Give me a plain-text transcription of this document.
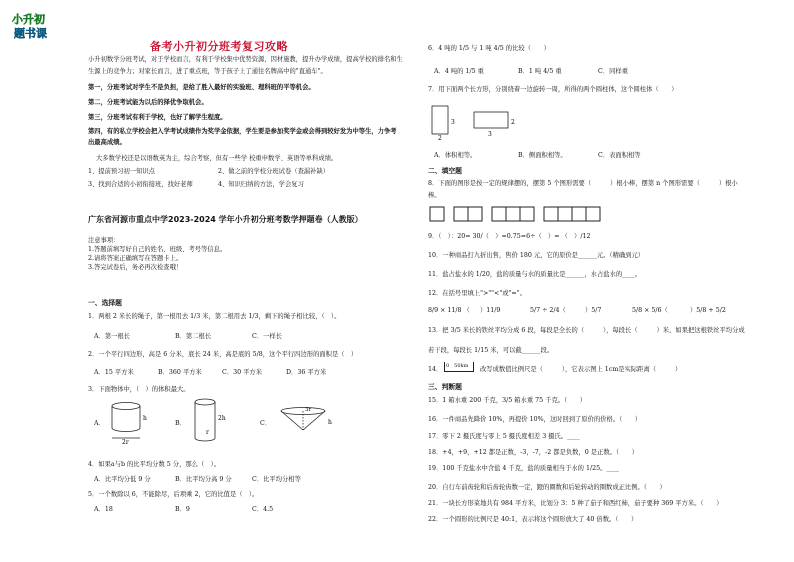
小升初
题书课
备考小升初分班考复习攻略
小升初数学分班考试，对于学校而言，有利于学校集中优势资源，因材施教，提升办学成绩，提高学校的排名和生
生源上的竞争力；对家长而言，进了重点班，等于孩子上了通往名牌高中的"直通车"。
第一，分班考试对学生不是负担，是给了胜入最好的实验班、理科班的平等机会。
第二，分班考试能为以后的择优争取机会。
第三，分班考试有利于学校，也好了解学生程度。
第四，有的私立学校会把入学考试成绩作为奖学金依据，学生要是参加奖学金或会得到较好发为中等生，力争考
出最高成绩。
大多数学校还是以语数英为主，综合考察，但有一些学 校重申数学、英语等单科成绩。
1、提前预习初一知识点	2、做之前的学校分班试卷（查漏补缺）
3、找到合适的小初衔接班，找好老师	4、知识归纳的方法，学会复习
广东省河源市重点中学2023-2024 学年小升初分班考数学押题卷（人教版）
注意事项：
1.答题前填写好自己的姓名、班级、考号等信息。
2.请将答案正确填写在答题卡上。
3.答完试卷后，务必再次检查哦！
一、选择题
1．两根 2 米长的绳子，第一根用去 1/3 米，第二根用去 1/3，剩下的绳子相比较，（　）。
A．第一根长	B．第二根长	C．一样长
2．一个平行四边形，高是 6 分米，底长 24 米，高是底的 5/8，这个平行四边形的面积是（　）
A．15 平方米	B．360 平方米	C．30 平方米	D．36 平方米
3．下面物体中，（　）的体积最大。
A．	B．	C．
h
2r
2h
r
3r
h
4．如果a与b 的比平均分数 5 分，那么（　）。
A．比平均分低 9 分	B．比平均分高 9 分	C．比平均分相等
5．一个数除以 6，不能除尽，后项乘 2，它的比值是（　）。
A．18	B．9	C．4.5
6．4 吨的 1/5 与 1 吨 4/5 的比较（　　）
A．4 吨的 1/5 重	B．1 吨 4/5 重	C．同样重
7．用下面两个长方形，分别绕着一边旋转一周，所得的两个圆柱体，这个圆柱体（　　）
3
2
2
3
A．体积相等。	B．侧面积相等。	C．表面积相等
二、填空题
8．下面的图形是按一定的规律摆的，摆第 5 个图形需要（　　　）根小棒，摆第 n 个图形需要（　　　）根小
棒。
9．（　）：20= 30/（　）=0.75=6÷（　）= （　）/12
10．一种商品打九折出售，售价 180 元，它的原价是______元。（精确到元）
11．盐占盐水的 1/20，盐的质量与水的质量比是______，水占盐水的____。
12．在括号里填上">""<"或"="。
8/9 × 11/8 （　 ）11/9	5/7 ÷ 2/4（　 ）5/7	5/8 × 5/6（　	）5/8 + 5/2
13．把 3/5 米长的铁丝平均分成 6 段，每段是全长的（　　　），每段长（　　　）米，如果把这根铁丝平均分成
若干段，每段长 1/15 米，可以截______段。
14． 0　50km 改写成数值比例尺是（　　　），它表示图上 1cm是实际距离（　　　）
三、判断题
15．1 箱水重 200 千克，3/5 箱水重 75 千克。（　　）
16．一件商品先降价 10%，再提价 10%，这时回到了原价的价格。（　　）
17．零下 2 摄氏度与零上 5 摄氏度相差 3 摄氏。____
18．+4，+9，+12 都是正数，-3，-7，-2 都是负数，0 是正数。（　　）
19．100 千克盐水中含盐 4 千克，盐的质量相当于水的 1/25。____
20．自行车前齿轮和后齿轮齿数一定，蹬的圈数和后轮转动的圈数成正比例。（　　）
21．一块长方形菜地共有 984 平方米，比划分 3：5 种了茄子和西红柿，茄子要种 369 平方米。（　　）
22．一个圆形的比例尺是 40:1，表示将这个圆形放大了 40 倍数。（　　）
